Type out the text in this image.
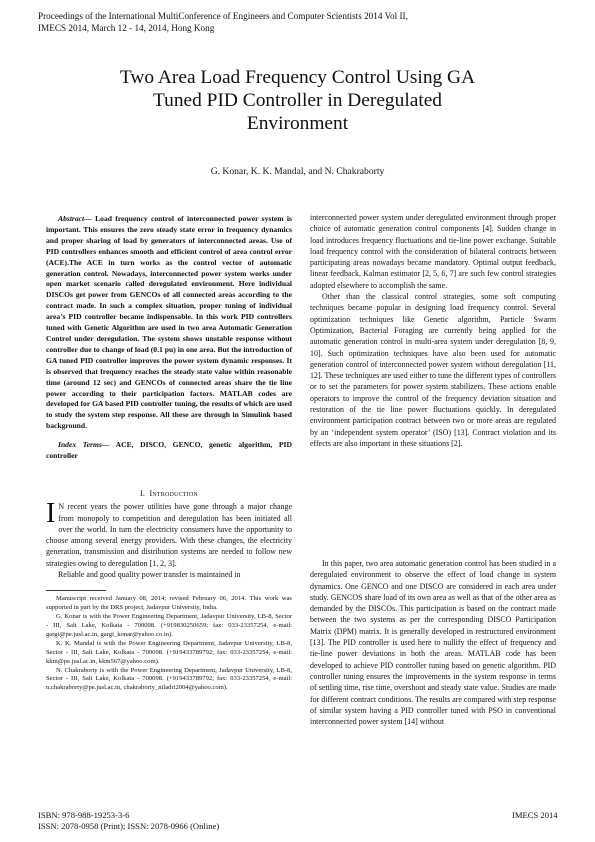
Proceedings of the International MultiConference of Engineers and Computer Scientists 2014 Vol II,
IMECS 2014, March 12 - 14, 2014, Hong Kong
Two Area Load Frequency Control Using GA
Tuned PID Controller in Deregulated
Environment
G. Konar, K. K. Mandal, and N. Chakraborty

Abstract— Load frequency control of interconnected power system is important. This ensures the zero steady state error in frequency dynamics and proper sharing of load by generators of interconnected areas. Use of PID controllers enhances smooth and efficient control of area control error (ACE).The ACE in turn works as the control vector of automatic generation control. Nowadays, interconnected power system works under open market scenario called deregulated environment. Here individual DISCOs get power from GENCOs of all connected areas according to the contract made. In such a complex situation, proper tuning of individual area’s PID controller became indispensable. In this work PID controllers tuned with Genetic Algorithm are used in two area Automatic Generation Control under deregulation. The system shows unstable response without controller due to change of load (0.1 pu) in one area. But the introduction of GA tuned PID controller improves the power system dynamic responses. It is observed that frequency reaches the steady state value within reasonable time (around 12 sec) and GENCOs of connected areas share the tie line power according to their participation factors. MATLAB codes are developed for GA based PID controller tuning, the results of which are used to study the system step response. All these are through in Simulink based background.

Index Terms— ACE, DISCO, GENCO, genetic algorithm, PID controller

I. Introduction

I N recent years the power utilities have gone through a major change from monopoly to competition and deregulation has been initiated all over the world. In turn the electricity consumers have the opportunity to choose among several energy providers. With these changes, the electricity generation, transmission and distribution systems are needed to follow new strategies owing to deregulation [1, 2, 3].

Reliable and good quality power transfer is maintained in

Manuscript received January 08, 2014; revised February 06, 2014. This work was supported in part by the DRS project, Jadavpur University, India.

G. Konar is with the Power Engineering Department, Jadavpur University, LB-8, Sector - III, Salt Lake, Kolkata - 700098. (+919830250659; fax: 033-23357254, e-mail: gargi@pe.jusl.ac.in, gargi_konar@yahoo.co.in).

K. K. Mandal is with the Power Engineering Department, Jadavpur University, LB-8, Sector - III, Salt Lake, Kolkata - 700098. (+919433789792; fax: 033-23357254, e-mail: kkm@pe.jusl.ac.in, kkm567@yahoo.com).

N. Chakraborty is with the Power Engineering Department, Jadavpur University, LB-8, Sector - III, Salt Lake, Kolkata - 700098. (+919433789792; fax: 033-23357254, e-mail: n.chakraborty@pe.jusl.ac.in, chakraborty_niladri2004@yahoo.com).

interconnected power system under deregulated environment through proper choice of automatic generation control components [4]. Sudden change in load introduces frequency fluctuations and tie-line power exchange. Suitable load frequency control with the consideration of bilateral contracts between participating areas nowadays became mandatory. Optimal output feedback, linear feedback, Kalman estimator [2, 5, 6, 7] are such few control strategies adopted elsewhere to accomplish the same.

Other than the classical control strategies, some soft computing techniques became popular in designing load frequency control. Several optimization techniques like Genetic algorithm, Particle Swarm Optimization, Bacterial Foraging are currently being applied for the automatic generation control in multi-area system under deregulation [8, 9, 10]. Such optimization techniques have also been used for automatic generation control of interconnected power system without deregulation [11, 12]. These techniques are used either to tune the different types of controllers or to set the parameters for power system stabilizers. These actions enable operators to improve the control of the frequency deviation situation and restoration of the tie line power fluctuations quickly. In deregulated environment participation contract between two or more areas are regulated by an ‘independent system operator’ (ISO) [13]. Contract violation and its effects are also important in these situations [2].

In this paper, two area automatic generation control has been studied in a deregulated environment to observe the effect of load change in system dynamics. One GENCO and one DISCO are considered in each area under study. GENCOS share load of its own area as well as that of the other area as demanded by the DISCOs. This participation is based on the contract made between the two systems as per the corresponding DISCO Participation Matrix (DPM) matrix. It is generally developed in restructured environment [13]. The PID controller is used here to nullify the effect of frequency and tie-line power deviations in both the areas. MATLAB code has been developed to achieve PID controller tuning based on genetic algorithm. PID controller tuning ensures the improvements in the system response in terms of settling time, rise time, overshoot and steady state value. Studies are made for different contract conditions. The results are compared with step response of similar system having a PID controller tuned with PSO in conventional interconnected power system [14] without

ISBN: 978-988-19253-3-6
ISSN: 2078-0958 (Print); ISSN: 2078-0966 (Online)
IMECS 2014
